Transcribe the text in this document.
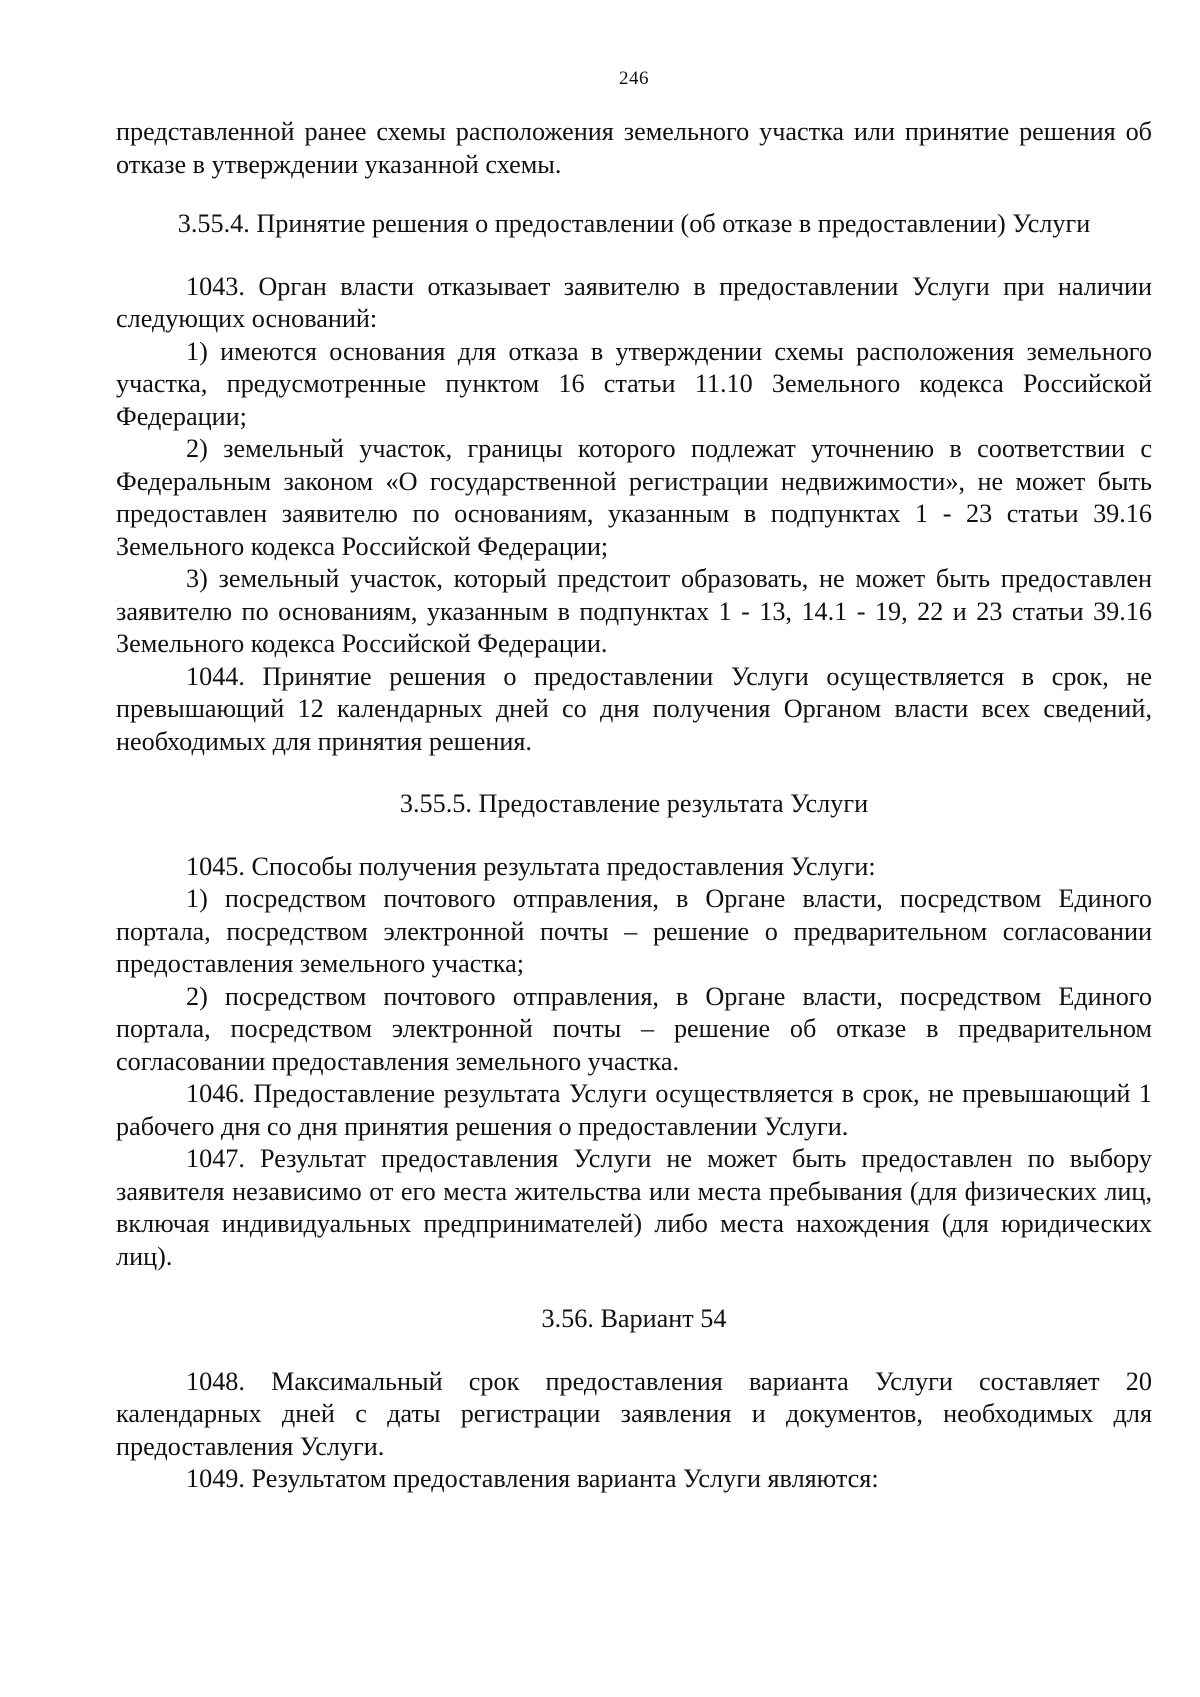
246

представленной ранее схемы расположения земельного участка или принятие решения об отказе в утверждении указанной схемы.

3.55.4. Принятие решения о предоставлении (об отказе в предоставлении) Услуги

1043. Орган власти отказывает заявителю в предоставлении Услуги при наличии следующих оснований:

1) имеются основания для отказа в утверждении схемы расположения земельного участка, предусмотренные пунктом 16 статьи 11.10 Земельного кодекса Российской Федерации;

2) земельный участок, границы которого подлежат уточнению в соответствии с Федеральным законом «О государственной регистрации недвижимости», не может быть предоставлен заявителю по основаниям, указанным в подпунктах 1 - 23 статьи 39.16 Земельного кодекса Российской Федерации;

3) земельный участок, который предстоит образовать, не может быть предоставлен заявителю по основаниям, указанным в подпунктах 1 - 13, 14.1 - 19, 22 и 23 статьи 39.16 Земельного кодекса Российской Федерации.

1044. Принятие решения о предоставлении Услуги осуществляется в срок, не превышающий 12 календарных дней со дня получения Органом власти всех сведений, необходимых для принятия решения.

3.55.5. Предоставление результата Услуги

1045. Способы получения результата предоставления Услуги:

1) посредством почтового отправления, в Органе власти, посредством Единого портала, посредством электронной почты – решение о предварительном согласовании предоставления земельного участка;

2) посредством почтового отправления, в Органе власти, посредством Единого портала, посредством электронной почты – решение об отказе в предварительном согласовании предоставления земельного участка.

1046. Предоставление результата Услуги осуществляется в срок, не превышающий 1 рабочего дня со дня принятия решения о предоставлении Услуги.

1047. Результат предоставления Услуги не может быть предоставлен по выбору заявителя независимо от его места жительства или места пребывания (для физических лиц, включая индивидуальных предпринимателей) либо места нахождения (для юридических лиц).

3.56. Вариант 54

1048. Максимальный срок предоставления варианта Услуги составляет 20 календарных дней с даты регистрации заявления и документов, необходимых для предоставления Услуги.

1049. Результатом предоставления варианта Услуги являются:
